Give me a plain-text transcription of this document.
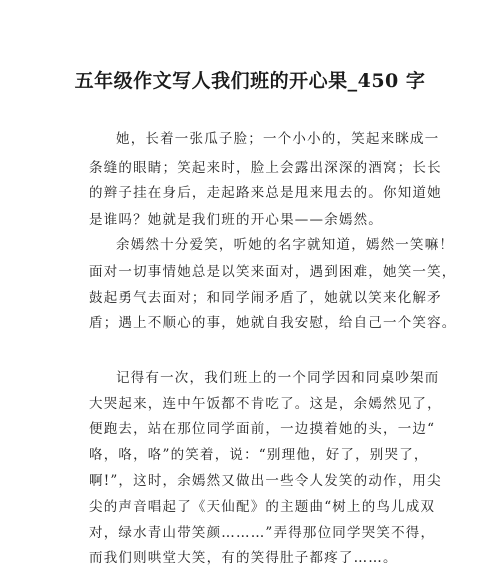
五年级作文写人我们班的开心果_450 字
她，长着一张瓜子脸；一个小小的，笑起来眯成一
条缝的眼睛；笑起来时，脸上会露出深深的酒窝；长长
的辫子挂在身后，走起路来总是甩来甩去的。你知道她
是谁吗？她就是我们班的开心果——余嫣然。
余嫣然十分爱笑，听她的名字就知道，嫣然一笑嘛！
面对一切事情她总是以笑来面对，遇到困难，她笑一笑，
鼓起勇气去面对；和同学闹矛盾了，她就以笑来化解矛
盾；遇上不顺心的事，她就自我安慰，给自己一个笑容。
记得有一次，我们班上的一个同学因和同桌吵架而
大哭起来，连中午饭都不肯吃了。这是，余嫣然见了，
便跑去，站在那位同学面前，一边摸着她的头，一边“
咯，咯，咯”的笑着，说：“别理他，好了，别哭了，
啊!”，这时，余嫣然又做出一些令人发笑的动作，用尖
尖的声音唱起了《天仙配》的主题曲“树上的鸟儿成双
对，绿水青山带笑颜………”弄得那位同学哭笑不得，
而我们则哄堂大笑，有的笑得肚子都疼了……。
